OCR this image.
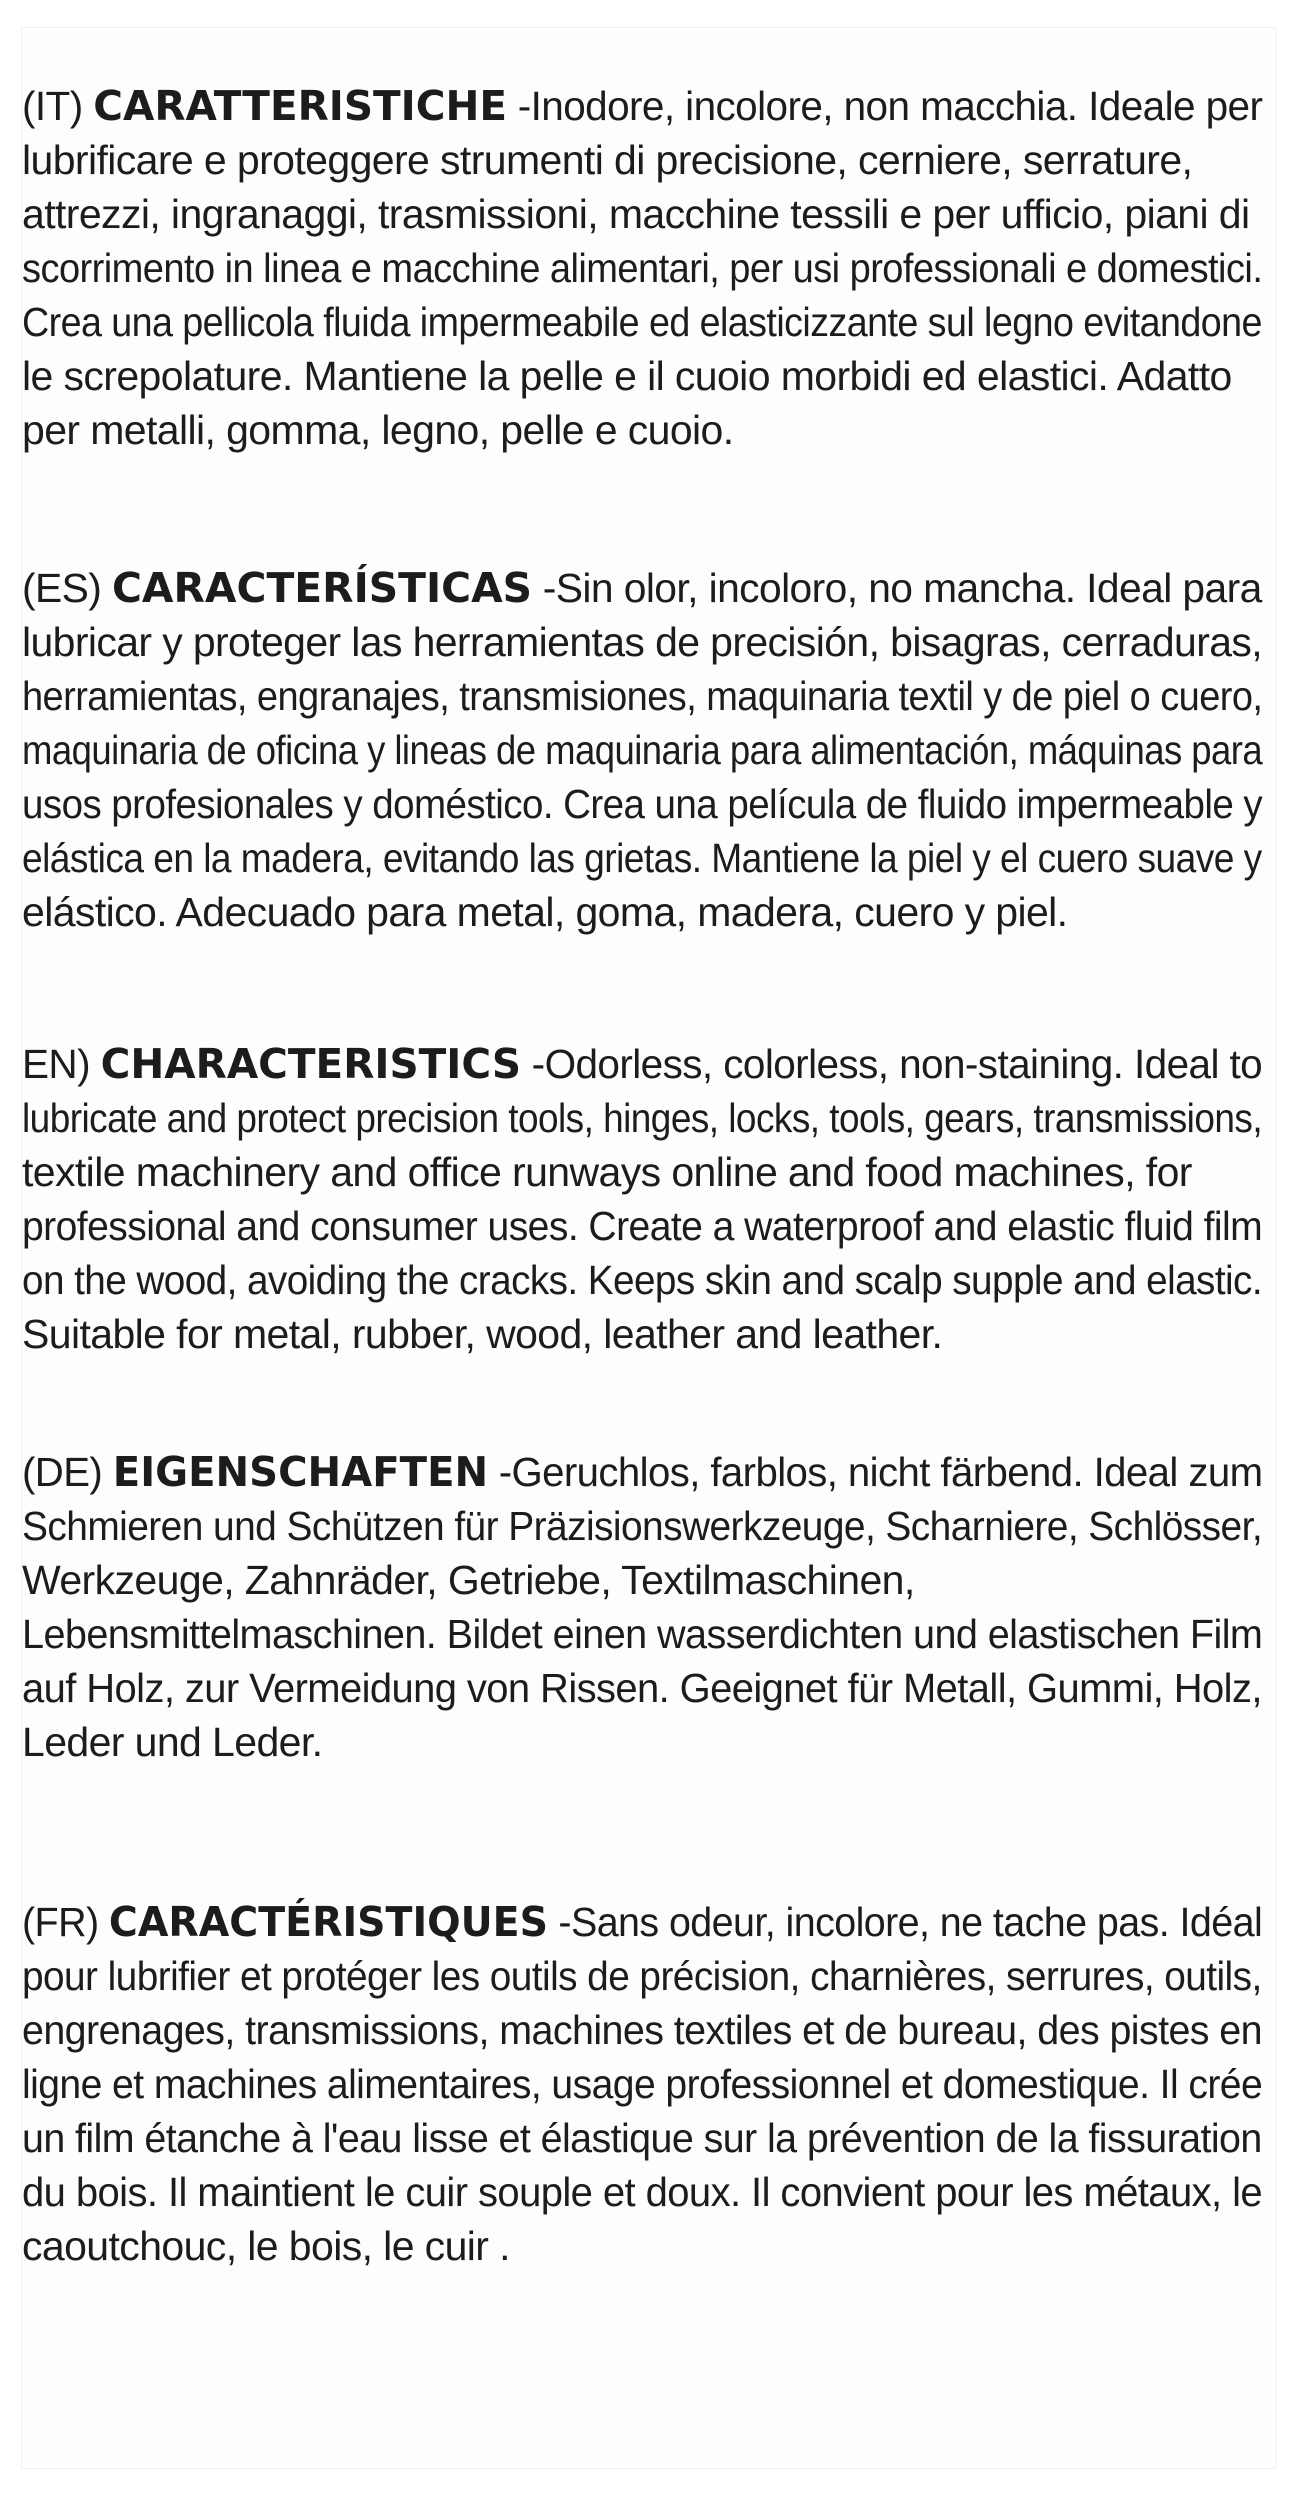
(IT) CARATTERISTICHE -Inodore, incolore, non macchia. Ideale per
lubrificare e proteggere strumenti di precisione, cerniere, serrature,
attrezzi, ingranaggi, trasmissioni, macchine tessili e per ufficio, piani di
scorrimento in linea e macchine alimentari, per usi professionali e domestici.
Crea una pellicola fluida impermeabile ed elasticizzante sul legno evitandone
le screpolature. Mantiene la pelle e il cuoio morbidi ed elastici. Adatto
per metalli, gomma, legno, pelle e cuoio.
(ES) CARACTERÍSTICAS -Sin olor, incoloro, no mancha. Ideal para
lubricar y proteger las herramientas de precisión, bisagras, cerraduras,
herramientas, engranajes, transmisiones, maquinaria textil y de piel o cuero,
maquinaria de oficina y lineas de maquinaria para alimentación, máquinas para
usos profesionales y doméstico. Crea una película de fluido impermeable y
elástica en la madera, evitando las grietas. Mantiene la piel y el cuero suave y
elástico. Adecuado para metal, goma, madera, cuero y piel.
EN) CHARACTERISTICS -Odorless, colorless, non-staining. Ideal to
lubricate and protect precision tools, hinges, locks, tools, gears, transmissions,
textile machinery and office runways online and food machines, for
professional and consumer uses. Create a waterproof and elastic fluid film
on the wood, avoiding the cracks. Keeps skin and scalp supple and elastic.
Suitable for metal, rubber, wood, leather and leather.
(DE) EIGENSCHAFTEN -Geruchlos, farblos, nicht färbend. Ideal zum
Schmieren und Schützen für Präzisionswerkzeuge, Scharniere, Schlösser,
Werkzeuge, Zahnräder, Getriebe, Textilmaschinen,
Lebensmittelmaschinen. Bildet einen wasserdichten und elastischen Film
auf Holz, zur Vermeidung von Rissen. Geeignet für Metall, Gummi, Holz,
Leder und Leder.
(FR) CARACTÉRISTIQUES -Sans odeur, incolore, ne tache pas. Idéal
pour lubrifier et protéger les outils de précision, charnières, serrures, outils,
engrenages, transmissions, machines textiles et de bureau, des pistes en
ligne et machines alimentaires, usage professionnel et domestique. Il crée
un film étanche à l'eau lisse et élastique sur la prévention de la fissuration
du bois. Il maintient le cuir souple et doux. Il convient pour les métaux, le
caoutchouc, le bois, le cuir .
